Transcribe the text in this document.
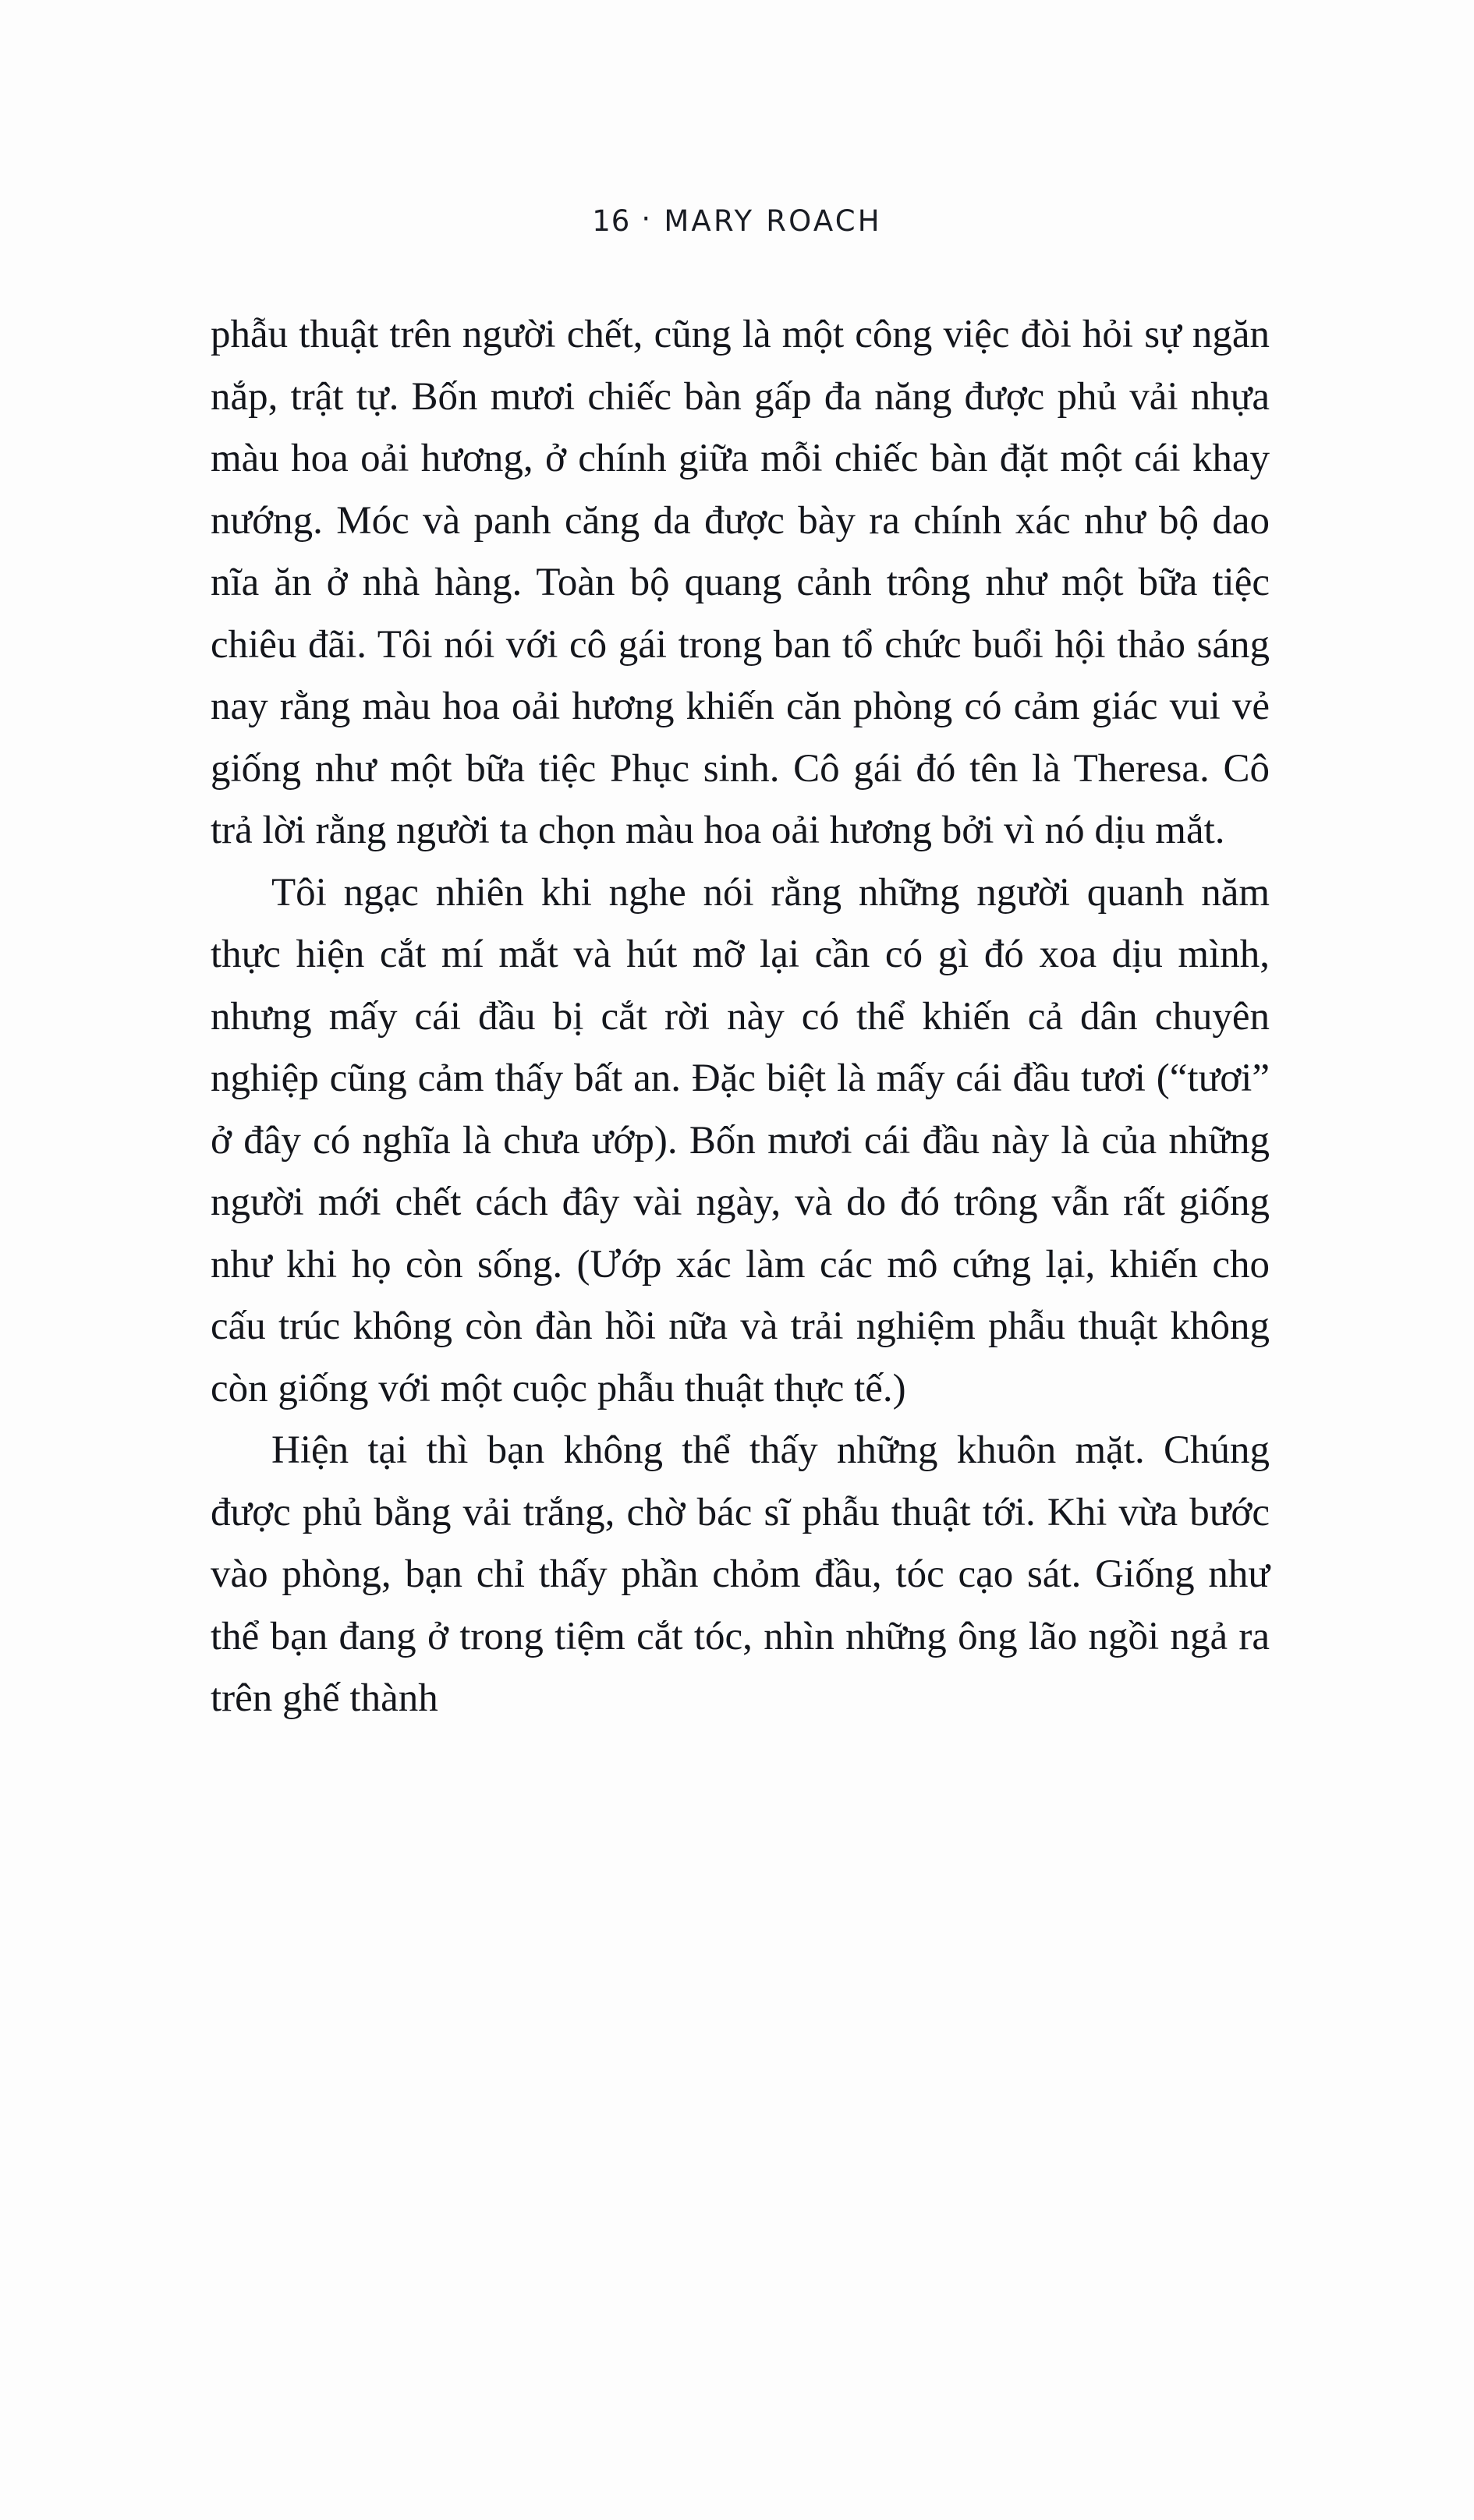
16 · MARY ROACH

phẫu thuật trên người chết, cũng là một công việc đòi hỏi sự ngăn nắp, trật tự. Bốn mươi chiếc bàn gấp đa năng được phủ vải nhựa màu hoa oải hương, ở chính giữa mỗi chiếc bàn đặt một cái khay nướng. Móc và panh căng da được bày ra chính xác như bộ dao nĩa ăn ở nhà hàng. Toàn bộ quang cảnh trông như một bữa tiệc chiêu đãi. Tôi nói với cô gái trong ban tổ chức buổi hội thảo sáng nay rằng màu hoa oải hương khiến căn phòng có cảm giác vui vẻ giống như một bữa tiệc Phục sinh. Cô gái đó tên là Theresa. Cô trả lời rằng người ta chọn màu hoa oải hương bởi vì nó dịu mắt.

Tôi ngạc nhiên khi nghe nói rằng những người quanh năm thực hiện cắt mí mắt và hút mỡ lại cần có gì đó xoa dịu mình, nhưng mấy cái đầu bị cắt rời này có thể khiến cả dân chuyên nghiệp cũng cảm thấy bất an. Đặc biệt là mấy cái đầu tươi (“tươi” ở đây có nghĩa là chưa ướp). Bốn mươi cái đầu này là của những người mới chết cách đây vài ngày, và do đó trông vẫn rất giống như khi họ còn sống. (Ướp xác làm các mô cứng lại, khiến cho cấu trúc không còn đàn hồi nữa và trải nghiệm phẫu thuật không còn giống với một cuộc phẫu thuật thực tế.)

Hiện tại thì bạn không thể thấy những khuôn mặt. Chúng được phủ bằng vải trắng, chờ bác sĩ phẫu thuật tới. Khi vừa bước vào phòng, bạn chỉ thấy phần chỏm đầu, tóc cạo sát. Giống như thể bạn đang ở trong tiệm cắt tóc, nhìn những ông lão ngồi ngả ra trên ghế thành
